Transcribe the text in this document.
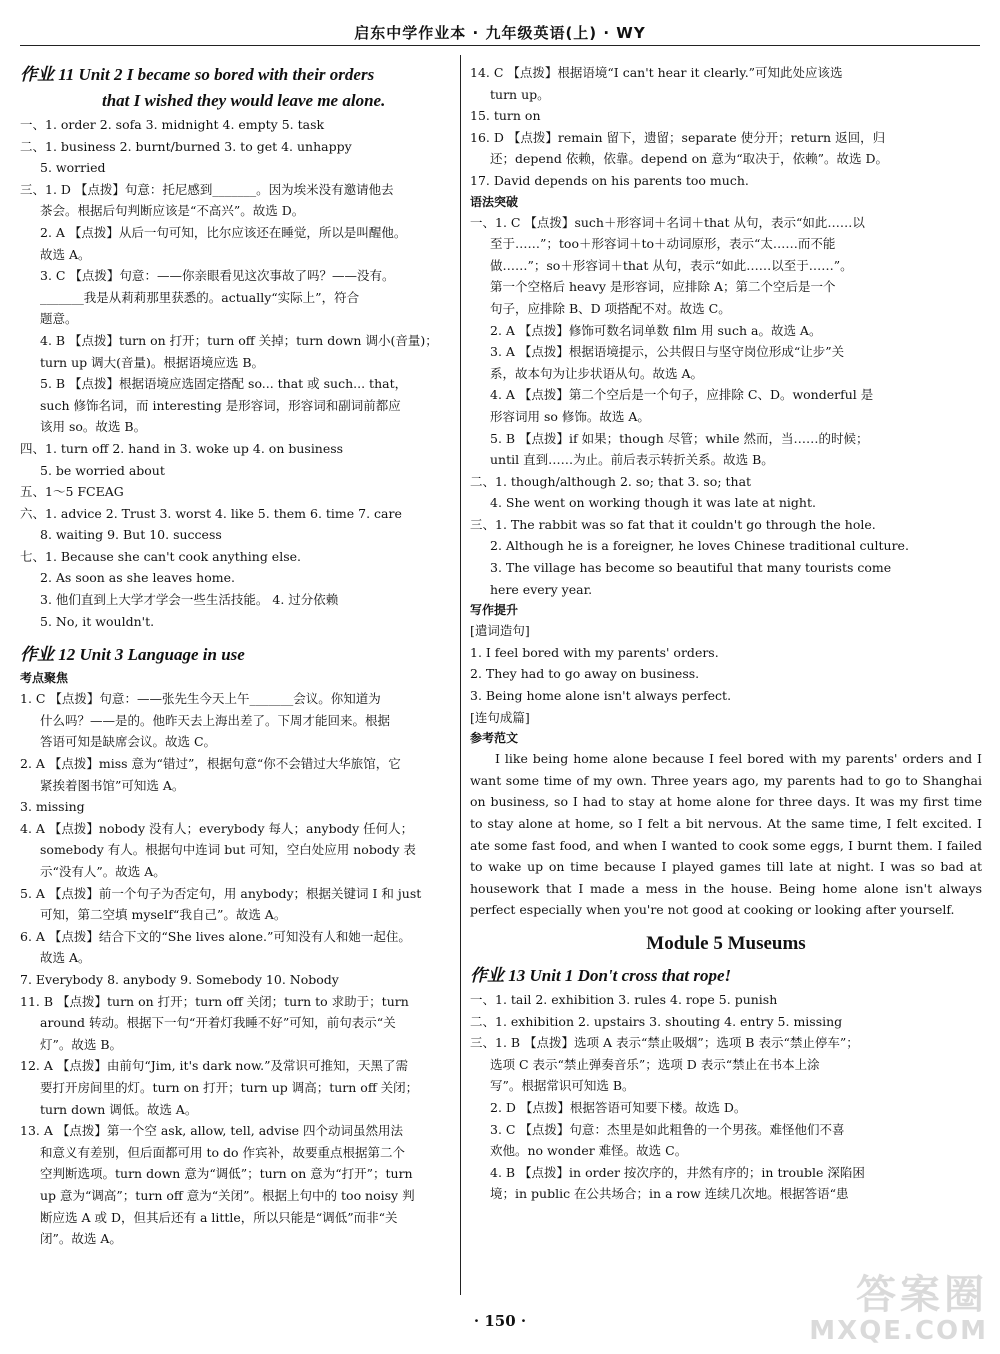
启东中学作业本 · 九年级英语(上) · WY
作业 11 Unit 2 I became so bored with their orders
that I wished they would leave me alone.
一、1. order 2. sofa 3. midnight 4. empty 5. task
二、1. business 2. burnt/burned 3. to get 4. unhappy
5. worried
三、1. D 【点拨】句意：托尼感到_______。因为埃米没有邀请他去
茶会。根据后句判断应该是“不高兴”。故选 D。
2. A 【点拨】从后一句可知，比尔应该还在睡觉，所以是叫醒他。
故选 A。
3. C 【点拨】句意：——你亲眼看见这次事故了吗？——没有。
_______我是从莉莉那里获悉的。actually“实际上”，符合
题意。
4. B 【点拨】turn on 打开；turn off 关掉；turn down 调小(音量)；
turn up 调大(音量)。根据语境应选 B。
5. B 【点拨】根据语境应选固定搭配 so... that 或 such... that，
such 修饰名词，而 interesting 是形容词，形容词和副词前都应
该用 so。故选 B。
四、1. turn off 2. hand in 3. woke up 4. on business
5. be worried about
五、1～5 FCEAG
六、1. advice 2. Trust 3. worst 4. like 5. them 6. time 7. care
8. waiting 9. But 10. success
七、1. Because she can't cook anything else.
2. As soon as she leaves home.
3. 他们直到上大学才学会一些生活技能。 4. 过分依赖
5. No, it wouldn't.
作业 12 Unit 3 Language in use
考点聚焦
1. C 【点拨】句意：——张先生今天上午_______会议。你知道为
什么吗？——是的。他昨天去上海出差了。下周才能回来。根据
答语可知是缺席会议。故选 C。
2. A 【点拨】miss 意为“错过”，根据句意“你不会错过大华旅馆，它
紧挨着图书馆”可知选 A。
3. missing
4. A 【点拨】nobody 没有人；everybody 每人；anybody 任何人；
somebody 有人。根据句中连词 but 可知，空白处应用 nobody 表
示“没有人”。故选 A。
5. A 【点拨】前一个句子为否定句，用 anybody；根据关键词 I 和 just
可知，第二空填 myself“我自己”。故选 A。
6. A 【点拨】结合下文的“She lives alone.”可知没有人和她一起住。
故选 A。
7. Everybody 8. anybody 9. Somebody 10. Nobody
11. B 【点拨】turn on 打开；turn off 关闭；turn to 求助于；turn
around 转动。根据下一句“开着灯我睡不好”可知，前句表示“关
灯”。故选 B。
12. A 【点拨】由前句“Jim, it's dark now.”及常识可推知，天黑了需
要打开房间里的灯。turn on 打开；turn up 调高；turn off 关闭；
turn down 调低。故选 A。
13. A 【点拨】第一个空 ask, allow, tell, advise 四个动词虽然用法
和意义有差别，但后面都可用 to do 作宾补，故要重点根据第二个
空判断选项。turn down 意为“调低”；turn on 意为“打开”；turn
up 意为“调高”；turn off 意为“关闭”。根据上句中的 too noisy 判
断应选 A 或 D，但其后还有 a little，所以只能是“调低”而非“关
闭”。故选 A。
14. C 【点拨】根据语境“I can't hear it clearly.”可知此处应该选
turn up。
15. turn on
16. D 【点拨】remain 留下，遗留；separate 使分开；return 返回，归
还；depend 依赖，依靠。depend on 意为“取决于，依赖”。故选 D。
17. David depends on his parents too much.
语法突破
一、1. C 【点拨】such＋形容词＋名词＋that 从句，表示“如此……以
至于……”；too＋形容词＋to＋动词原形，表示“太……而不能
做……”；so＋形容词＋that 从句，表示“如此……以至于……”。
第一个空格后 heavy 是形容词，应排除 A；第二个空后是一个
句子，应排除 B、D 项搭配不对。故选 C。
2. A 【点拨】修饰可数名词单数 film 用 such a。故选 A。
3. A 【点拨】根据语境提示，公共假日与坚守岗位形成“让步”关
系，故本句为让步状语从句。故选 A。
4. A 【点拨】第二个空后是一个句子，应排除 C、D。wonderful 是
形容词用 so 修饰。故选 A。
5. B 【点拨】if 如果；though 尽管；while 然而，当……的时候；
until 直到……为止。前后表示转折关系。故选 B。
二、1. though/although 2. so; that 3. so; that
4. She went on working though it was late at night.
三、1. The rabbit was so fat that it couldn't go through the hole.
2. Although he is a foreigner, he loves Chinese traditional culture.
3. The village has become so beautiful that many tourists come
here every year.
写作提升
[遣词造句]
1. I feel bored with my parents' orders.
2. They had to go away on business.
3. Being home alone isn't always perfect.
[连句成篇]
参考范文
I like being home alone because I feel bored with my parents' orders and I want some time of my own. Three years ago, my parents had to go to Shanghai on business, so I had to stay at home alone for three days. It was my first time to stay alone at home, so I felt a bit nervous. At the same time, I felt excited. I ate some fast food, and when I wanted to cook some eggs, I burnt them. I failed to wake up on time because I played games till late at night. I was so bad at housework that I made a mess in the house. Being home alone isn't always perfect especially when you're not good at cooking or looking after yourself.
Module 5 Museums
作业 13 Unit 1 Don't cross that rope!
一、1. tail 2. exhibition 3. rules 4. rope 5. punish
二、1. exhibition 2. upstairs 3. shouting 4. entry 5. missing
三、1. B 【点拨】选项 A 表示“禁止吸烟”；选项 B 表示“禁止停车”；
选项 C 表示“禁止弹奏音乐”；选项 D 表示“禁止在书本上涂
写”。根据常识可知选 B。
2. D 【点拨】根据答语可知要下楼。故选 D。
3. C 【点拨】句意：杰里是如此粗鲁的一个男孩。难怪他们不喜
欢他。no wonder 难怪。故选 C。
4. B 【点拨】in order 按次序的，井然有序的；in trouble 深陷困
境；in public 在公共场合；in a row 连续几次地。根据答语“患
· 150 ·
答案圈
MXQE.COM
